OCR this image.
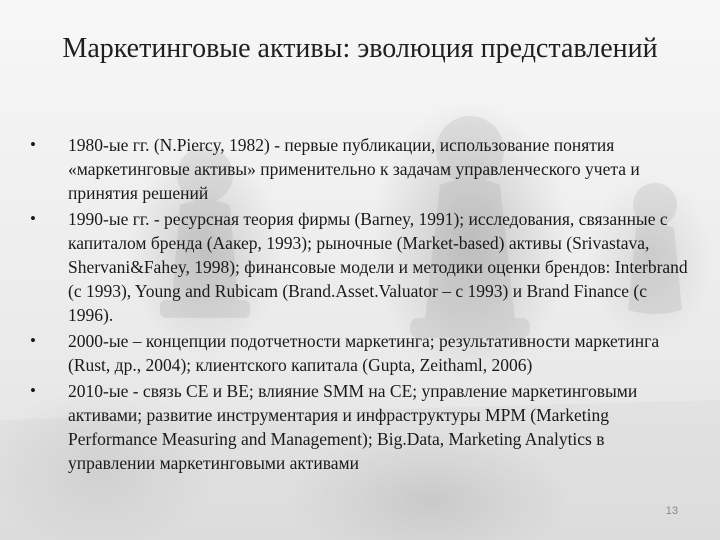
Маркетинговые активы: эволюция представлений
•	1980-ые гг. (N.Piercy, 1982) - первые публикации, использование понятия «маркетинговые активы» применительно к задачам управленческого учета и принятия решений
•	1990-ые гг. - ресурсная теория фирмы (Barney, 1991); исследования, связанные с капиталом бренда (Aакер, 1993); рыночные (Market-based) активы (Srivastava, Shervani&Fahey, 1998); финансовые модели и методики оценки брендов: Interbrand (с 1993), Young and Rubicam (Brand.Asset.Valuator – с 1993) и Brand Finance (с 1996).
•	2000-ые – концепции подотчетности маркетинга; результативности маркетинга (Rust, др., 2004); клиентского капитала (Gupta, Zeithaml, 2006)
•	2010-ые - связь CE и BE; влияние SMM на CE; управление маркетинговыми активами; развитие инструментария и инфраструктуры MPM (Marketing Performance Measuring and Management); Big.Data, Marketing Analytics в управлении маркетинговыми активами
13
